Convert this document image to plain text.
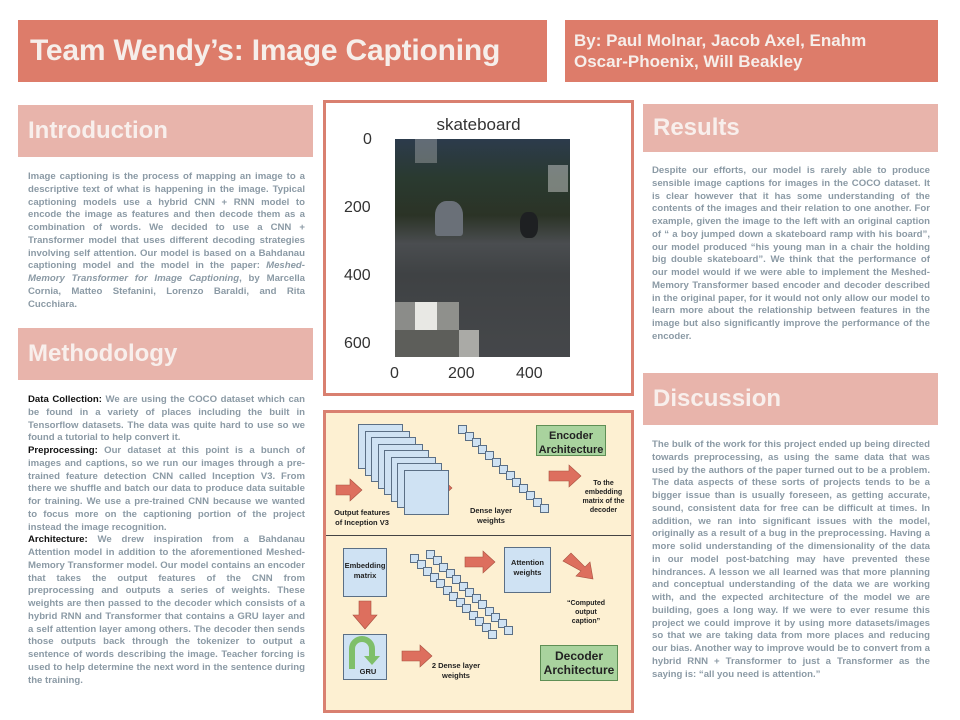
Team Wendy’s: Image Captioning	By: Paul Molnar, Jacob Axel, Enahm
Oscar-Phoenix, Will Beakley
Introduction
Image captioning is the process of mapping an image to a descriptive text of what is happening in the image. Typical captioning models use a hybrid CNN + RNN model to encode the image as features and then decode them as a combination of words. We decided to use a CNN + Transformer model that uses different decoding strategies involving self attention. Our model is based on a Bahdanau captioning model and the model in the paper: Meshed-Memory Transformer for Image Captioning, by Marcella Cornia, Matteo Stefanini, Lorenzo Baraldi, and Rita Cucchiara.
Methodology
Data Collection: We are using the COCO dataset which can be found in a variety of places including the built in Tensorflow datasets. The data was quite hard to use so we found a tutorial to help convert it.
Preprocessing: Our dataset at this point is a bunch of images and captions, so we run our images through a pre-trained feature detection CNN called Inception V3. From there we shuffle and batch our data to produce data suitable for training. We use a pre-trained CNN because we wanted to focus more on the captioning portion of the project instead the image recognition.
Architecture: We drew inspiration from a Bahdanau Attention model in addition to the aforementioned Meshed-Memory Transformer model. Our model contains an encoder that takes the output features of the CNN from preprocessing and outputs a series of weights. These weights are then passed to the decoder which consists of a hybrid RNN and Transformer that contains a GRU layer and a self attention layer among others. The decoder then sends those outputs back through the tokenizer to output a sentence of words describing the image. Teacher forcing is used to help determine the next word in the sentence during the training.
skateboard
0
200
400
600
0	200	400
Encoder
Architecture
Output features of Inception V3
Dense layer weights
To the embedding matrix of the decoder
Embedding matrix
GRU
Attention weights
“Computed output caption”
2 Dense layer weights
Decoder
Architecture
Results
Despite our efforts, our model is rarely able to produce sensible image captions for images in the COCO dataset. It is clear however that it has some understanding of the contents of the images and their relation to one another. For example, given the image to the left with an original caption of “ a boy jumped down a skateboard ramp with his board”, our model produced “his young man in a chair the holding big double skateboard”. We think that the performance of our model would if we were able to implement the Meshed-Memory Transformer based encoder and decoder described in the original paper, for it would not only allow our model to learn more about the relationship between features in the image but also significantly improve the performance of the encoder.
Discussion
The bulk of the work for this project ended up being directed towards preprocessing, as using the same data that was used by the authors of the paper turned out to be a problem. The data aspects of these sorts of projects tends to be a bigger issue than is usually foreseen, as getting accurate, sound, consistent data for free can be difficult at times. In addition, we ran into significant issues with the model, originally as a result of a bug in the preprocessing. Having a more solid understanding of the dimensionality of the data in our model post-batching may have prevented these hindrances. A lesson we all learned was that more planning and conceptual understanding of the data we are working with, and the expected architecture of the model we are building, goes a long way. If we were to ever resume this project we could improve it by using more datasets/images so that we are taking data from more places and reducing our bias. Another way to improve would be to convert from a hybrid RNN + Transformer to just a Transformer as the saying is: “all you need is attention.”
